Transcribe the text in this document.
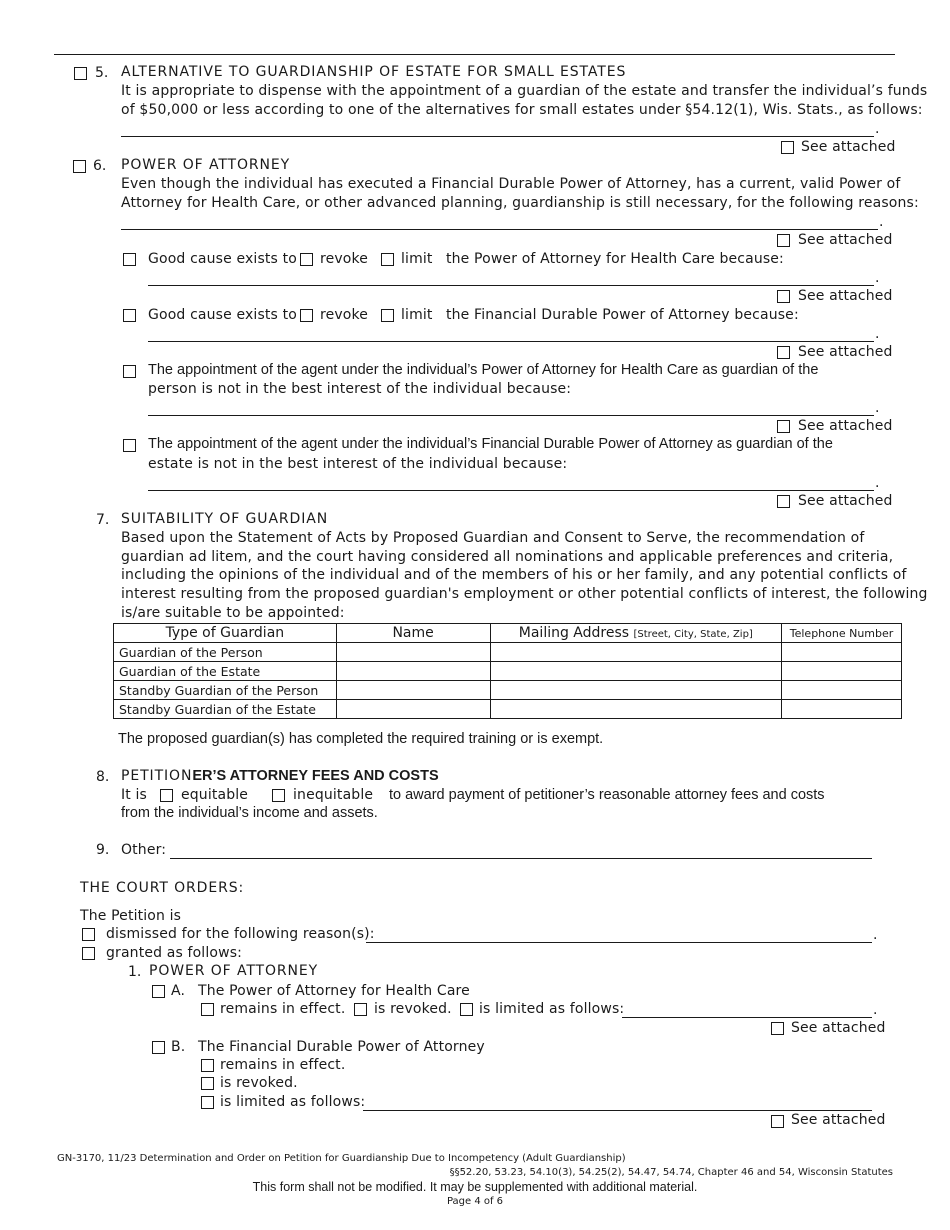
5. ALTERNATIVE TO GUARDIANSHIP OF ESTATE FOR SMALL ESTATES
It is appropriate to dispense with the appointment of a guardian of the estate and transfer the individual’s funds
of $50,000 or less according to one of the alternatives for small estates under §54.12(1), Wis. Stats., as follows:
.
See attached
6. POWER OF ATTORNEY
Even though the individual has executed a Financial Durable Power of Attorney, has a current, valid Power of
Attorney for Health Care, or other advanced planning, guardianship is still necessary, for the following reasons:
.
See attached
Good cause exists to revoke limit the Power of Attorney for Health Care because:
.
See attached
Good cause exists to revoke limit the Financial Durable Power of Attorney because:
.
See attached
The appointment of the agent under the individual’s Power of Attorney for Health Care as guardian of the
person is not in the best interest of the individual because:
.
See attached
The appointment of the agent under the individual’s Financial Durable Power of Attorney as guardian of the
estate is not in the best interest of the individual because:
.
See attached
7. SUITABILITY OF GUARDIAN
Based upon the Statement of Acts by Proposed Guardian and Consent to Serve, the recommendation of
guardian ad litem, and the court having considered all nominations and applicable preferences and criteria,
including the opinions of the individual and of the members of his or her family, and any potential conflicts of
interest resulting from the proposed guardian's employment or other potential conflicts of interest, the following
is/are suitable to be appointed:
Type of Guardian	Name	Mailing Address [Street, City, State, Zip]	Telephone Number
Guardian of the Person			
Guardian of the Estate			
Standby Guardian of the Person			
Standby Guardian of the Estate			
The proposed guardian(s) has completed the required training or is exempt.
8. PETITIONER’S ATTORNEY FEES AND COSTS
It is equitable	inequitable to award payment of petitioner’s reasonable attorney fees and costs
from the individual’s income and assets.
9. Other:
THE COURT ORDERS:
The Petition is
dismissed for the following reason(s):	.
granted as follows:
1. POWER OF ATTORNEY
A. The Power of Attorney for Health Care
remains in effect. is revoked. is limited as follows:	.
See attached
B. The Financial Durable Power of Attorney
remains in effect.
is revoked.
is limited as follows:
See attached
GN-3170, 11/23 Determination and Order on Petition for Guardianship Due to Incompetency (Adult Guardianship)
§§52.20, 53.23, 54.10(3), 54.25(2), 54.47, 54.74, Chapter 46 and 54, Wisconsin Statutes
This form shall not be modified. It may be supplemented with additional material.
Page 4 of 6
